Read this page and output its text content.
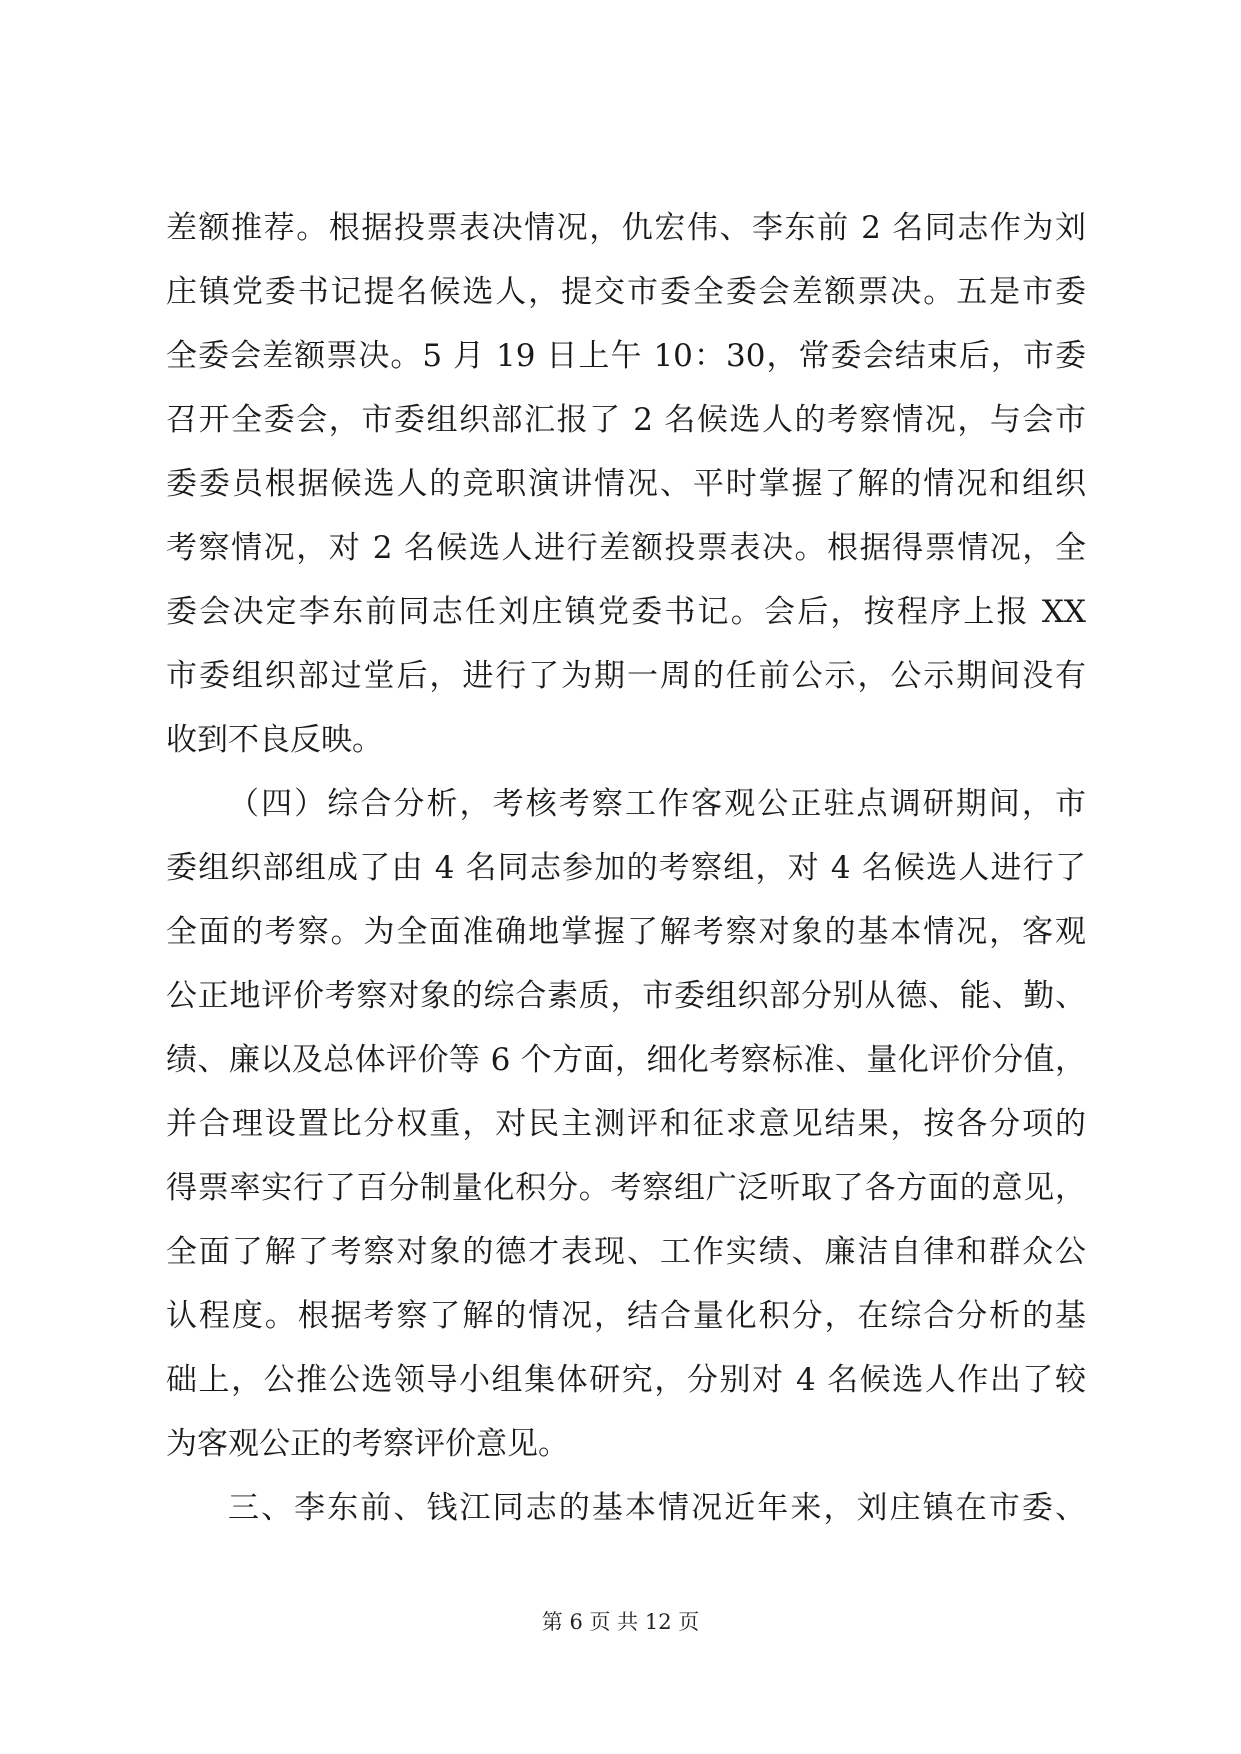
差额推荐。根据投票表决情况，仇宏伟、李东前 2 名同志作为刘
庄镇党委书记提名候选人，提交市委全委会差额票决。五是市委
全委会差额票决。5 月 19 日上午 10：30，常委会结束后，市委
召开全委会，市委组织部汇报了 2 名候选人的考察情况，与会市
委委员根据候选人的竞职演讲情况、平时掌握了解的情况和组织
考察情况，对 2 名候选人进行差额投票表决。根据得票情况，全
委会决定李东前同志任刘庄镇党委书记。会后，按程序上报 XX
市委组织部过堂后，进行了为期一周的任前公示，公示期间没有
收到不良反映。
（四）综合分析，考核考察工作客观公正驻点调研期间，市
委组织部组成了由 4 名同志参加的考察组，对 4 名候选人进行了
全面的考察。为全面准确地掌握了解考察对象的基本情况，客观
公正地评价考察对象的综合素质，市委组织部分别从德、能、勤、
绩、廉以及总体评价等 6 个方面，细化考察标准、量化评价分值，
并合理设置比分权重，对民主测评和征求意见结果，按各分项的
得票率实行了百分制量化积分。考察组广泛听取了各方面的意见，
全面了解了考察对象的德才表现、工作实绩、廉洁自律和群众公
认程度。根据考察了解的情况，结合量化积分，在综合分析的基
础上，公推公选领导小组集体研究，分别对 4 名候选人作出了较
为客观公正的考察评价意见。
三、李东前、钱江同志的基本情况近年来，刘庄镇在市委、
第 6 页 共 12 页
